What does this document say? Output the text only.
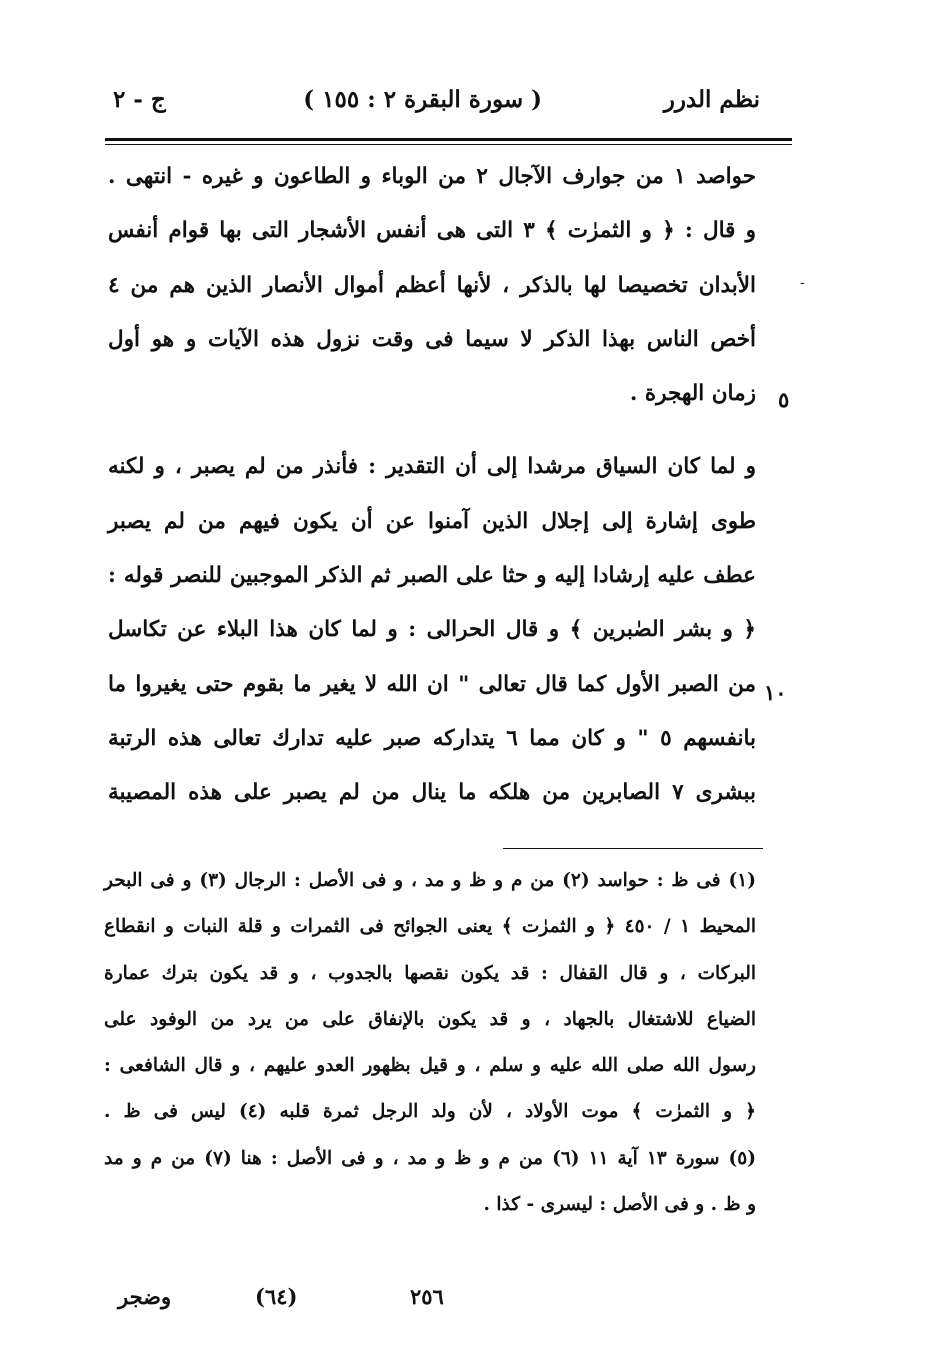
نظم الدرر
( سورة البقرة ٢ : ١٥٥ )
ج - ٢
حواصد ١ من جوارف الآجال ٢ من الوباء و الطاعون و غيره - انتهى .
و قال : ﴿ و الثمرٰت ﴾ ٣ التى هى أنفس الأشجار التى بها قوام أنفس
الأبدان تخصيصا لها بالذكر ، لأنها أعظم أموال الأنصار الذين هم من ٤
أخص الناس بهذا الذكر لا سيما فى وقت نزول هذه الآيات و هو أول
زمان الهجرة .
و لما كان السياق مرشدا إلى أن التقدير : فأنذر من لم يصبر ، و لكنه
طوى إشارة إلى إجلال الذين آمنوا عن أن يكون فيهم من لم يصبر
عطف عليه إرشادا إليه و حثا على الصبر ثم الذكر الموجبين للنصر قوله :
﴿ و بشر الصٰبرين ﴾ و قال الحرالى : و لما كان هذا البلاء عن تكاسل
من الصبر الأول كما قال تعالى " ان الله لا يغير ما بقوم حتى يغيروا ما
بانفسهم ٥ " و كان مما ٦ يتداركه صبر عليه تدارك تعالى هذه الرتبة
ببشرى ٧ الصابرين من هلكه ما ينال من لم يصبر على هذه المصيبة
٥
١٠
-
(١) فى ظ : حواسد (٢) من م و ظ و مد ، و فى الأصل : الرجال (٣) و فى البحر
المحيط ١ / ٤٥٠ ﴿ و الثمرٰت ﴾ يعنى الجوائح فى الثمرات و قلة النبات و انقطاع
البركات ، و قال القفال : قد يكون نقصها بالجدوب ، و قد يكون بترك عمارة
الضياع للاشتغال بالجهاد ، و قد يكون بالإنفاق على من يرد من الوفود على
رسول الله صلى الله عليه و سلم ، و قيل بظهور العدو عليهم ، و قال الشافعى :
﴿ و الثمرٰت ﴾ موت الأولاد ، لأن ولد الرجل ثمرة قلبه (٤) ليس فى ظ .
(٥) سورة ١٣ آية ١١ (٦) من م و ظ و مد ، و فى الأصل : هنا (٧) من م و مد
و ظ . و فى الأصل : ليسرى - كذا .
٢٥٦
(٦٤)
وضجر
